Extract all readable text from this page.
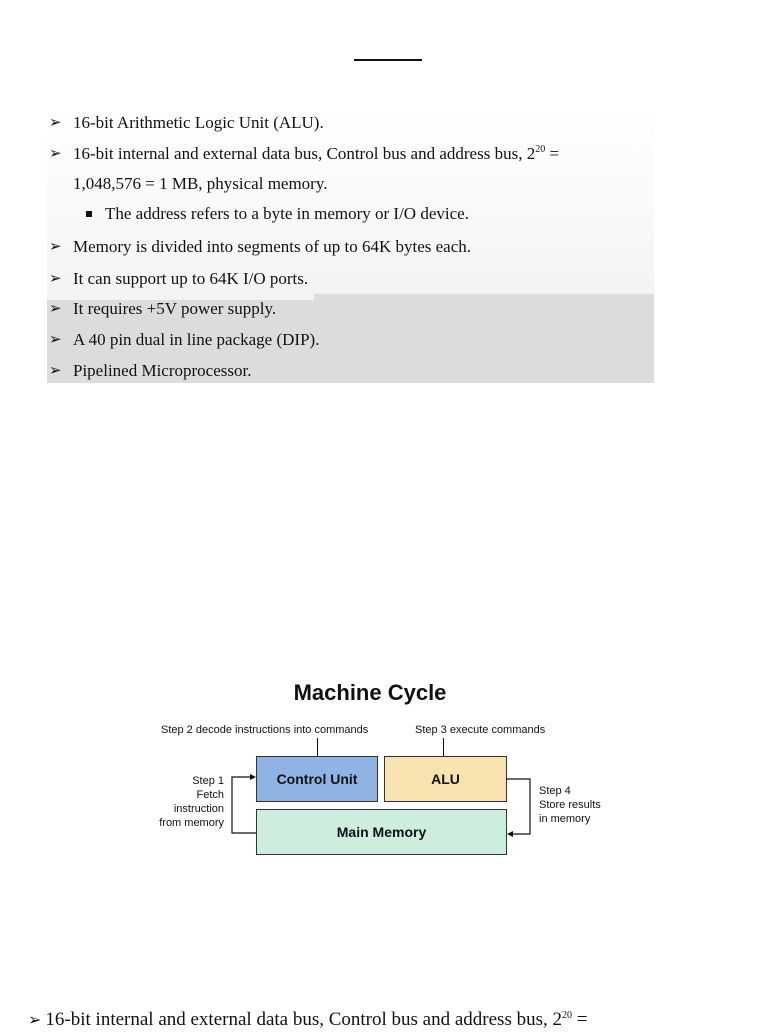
➢ 16-bit Arithmetic Logic Unit (ALU).
➢ 16-bit internal and external data bus, Control bus and address bus, $2^{20}$ =
1,048,576 = 1 MB, physical memory.
The address refers to a byte in memory or I/O device.
➢ Memory is divided into segments of up to 64K bytes each.
➢ It can support up to 64K I/O ports.
➢ It requires +5V power supply.
➢ A 40 pin dual in line package (DIP).
➢ Pipelined Microprocessor.
Machine Cycle
Step 2 decode instructions into commands	Step 3 execute commands
Step 1
Fetch
instruction
from memory
Step 4
Store results
in memory
Control Unit	ALU
Main Memory
➢ 16-bit internal and external data bus, Control bus and address bus, $2^{20}$ =
